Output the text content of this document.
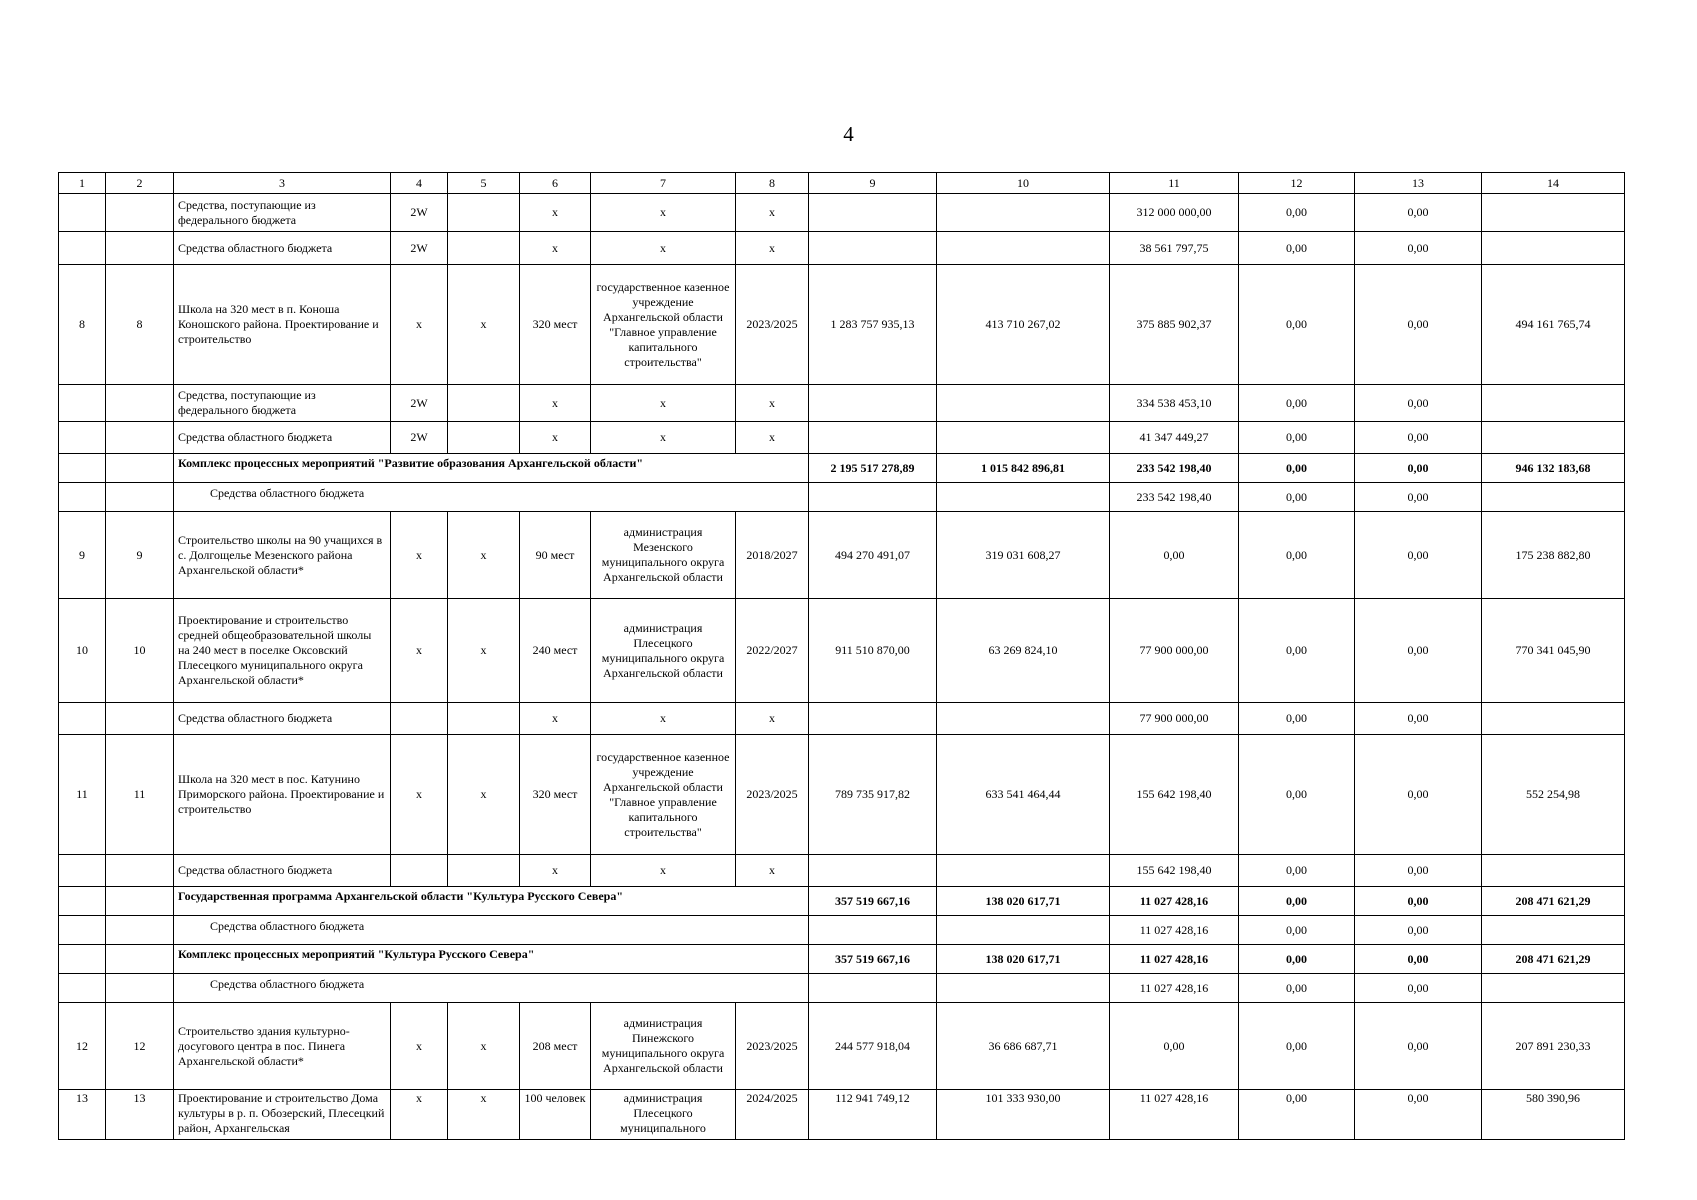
4
1	2	3	4	5	6	7	8	9	10	11	12	13	14
		Средства, поступающие из федерального бюджета	2W		х	х	х			312 000 000,00	0,00	0,00	
		Средства областного бюджета	2W		х	х	х			38 561 797,75	0,00	0,00	
8	8	Школа на 320 мест в п. Коноша Коношского района. Проектирование и строительство	х	х	320 мест	государственное казенное учреждение Архангельской области "Главное управление капитального строительства"	2023/2025	1 283 757 935,13	413 710 267,02	375 885 902,37	0,00	0,00	494 161 765,74
		Средства, поступающие из федерального бюджета	2W		х	х	х			334 538 453,10	0,00	0,00	
		Средства областного бюджета	2W		х	х	х			41 347 449,27	0,00	0,00	
		Комплекс процессных мероприятий "Развитие образования Архангельской области"						2 195 517 278,89	1 015 842 896,81	233 542 198,40	0,00	0,00	946 132 183,68
		Средства областного бюджета								233 542 198,40	0,00	0,00	
9	9	Строительство школы на 90 учащихся в с. Долгощелье Мезенского района Архангельской области*	х	х	90 мест	администрация Мезенского муниципального округа Архангельской области	2018/2027	494 270 491,07	319 031 608,27	0,00	0,00	0,00	175 238 882,80
10	10	Проектирование и строительство средней общеобразовательной школы на 240 мест в поселке Оксовский Плесецкого муниципального округа Архангельской области*	х	х	240 мест	администрация Плесецкого муниципального округа Архангельской области	2022/2027	911 510 870,00	63 269 824,10	77 900 000,00	0,00	0,00	770 341 045,90
		Средства областного бюджета			х	х	х			77 900 000,00	0,00	0,00	
11	11	Школа на 320 мест в пос. Катунино Приморского района. Проектирование и строительство	х	х	320 мест	государственное казенное учреждение Архангельской области "Главное управление капитального строительства"	2023/2025	789 735 917,82	633 541 464,44	155 642 198,40	0,00	0,00	552 254,98
		Средства областного бюджета			х	х	х			155 642 198,40	0,00	0,00	
		Государственная программа Архангельской области "Культура Русского Севера"						357 519 667,16	138 020 617,71	11 027 428,16	0,00	0,00	208 471 621,29
		Средства областного бюджета								11 027 428,16	0,00	0,00	
		Комплекс процессных мероприятий "Культура Русского Севера"						357 519 667,16	138 020 617,71	11 027 428,16	0,00	0,00	208 471 621,29
		Средства областного бюджета								11 027 428,16	0,00	0,00	
12	12	Строительство здания культурно-досугового центра в пос. Пинега Архангельской области*	х	х	208 мест	администрация Пинежского муниципального округа Архангельской области	2023/2025	244 577 918,04	36 686 687,71	0,00	0,00	0,00	207 891 230,33
13	13	Проектирование и строительство Дома культуры в р. п. Обозерский, Плесецкий район, Архангельская	х	х	100 человек	администрация Плесецкого муниципального	2024/2025	112 941 749,12	101 333 930,00	11 027 428,16	0,00	0,00	580 390,96
